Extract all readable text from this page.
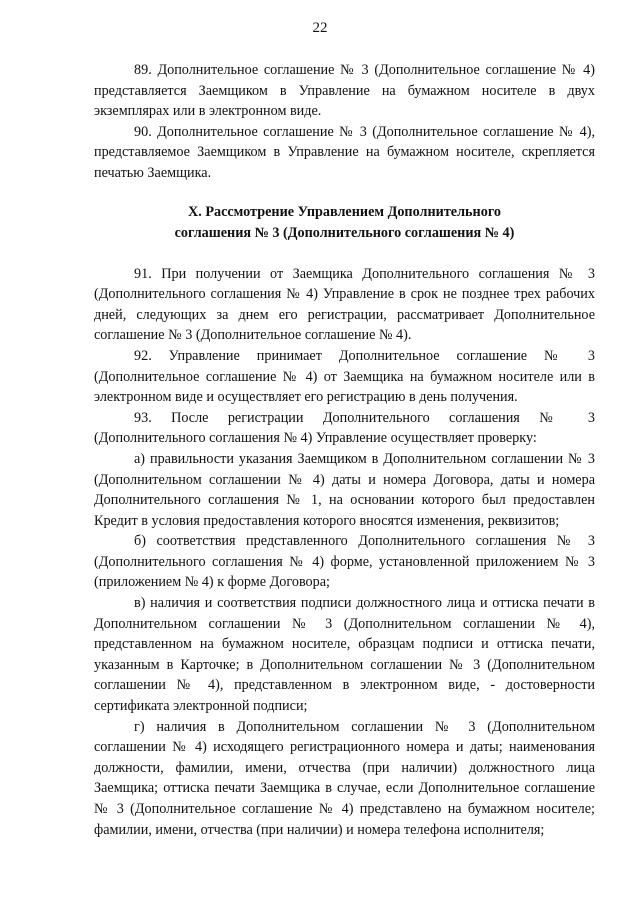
22

89. Дополнительное соглашение № 3 (Дополнительное соглашение № 4) представляется Заемщиком в Управление на бумажном носителе в двух экземплярах или в электронном виде.

90. Дополнительное соглашение № 3 (Дополнительное соглашение № 4), представляемое Заемщиком в Управление на бумажном носителе, скрепляется печатью Заемщика.

X. Рассмотрение Управлением Дополнительного
соглашения № 3 (Дополнительного соглашения № 4)

91. При получении от Заемщика Дополнительного соглашения № 3 (Дополнительного соглашения № 4) Управление в срок не позднее трех рабочих дней, следующих за днем его регистрации, рассматривает Дополнительное соглашение № 3 (Дополнительное соглашение № 4).

92. Управление принимает Дополнительное соглашение № 3 (Дополнительное соглашение № 4) от Заемщика на бумажном носителе или в электронном виде и осуществляет его регистрацию в день получения.

93. После регистрации Дополнительного соглашения № 3 (Дополнительного соглашения № 4) Управление осуществляет проверку:

а) правильности указания Заемщиком в Дополнительном соглашении № 3 (Дополнительном соглашении № 4) даты и номера Договора, даты и номера Дополнительного соглашения № 1, на основании которого был предоставлен Кредит в условия предоставления которого вносятся изменения, реквизитов;

б) соответствия представленного Дополнительного соглашения № 3 (Дополнительного соглашения № 4) форме, установленной приложением № 3 (приложением № 4) к форме Договора;

в) наличия и соответствия подписи должностного лица и оттиска печати в Дополнительном соглашении № 3 (Дополнительном соглашении № 4), представленном на бумажном носителе, образцам подписи и оттиска печати, указанным в Карточке; в Дополнительном соглашении № 3 (Дополнительном соглашении № 4), представленном в электронном виде, - достоверности сертификата электронной подписи;

г) наличия в Дополнительном соглашении № 3 (Дополнительном соглашении № 4) исходящего регистрационного номера и даты; наименования должности, фамилии, имени, отчества (при наличии) должностного лица Заемщика; оттиска печати Заемщика в случае, если Дополнительное соглашение № 3 (Дополнительное соглашение № 4) представлено на бумажном носителе; фамилии, имени, отчества (при наличии) и номера телефона исполнителя;
